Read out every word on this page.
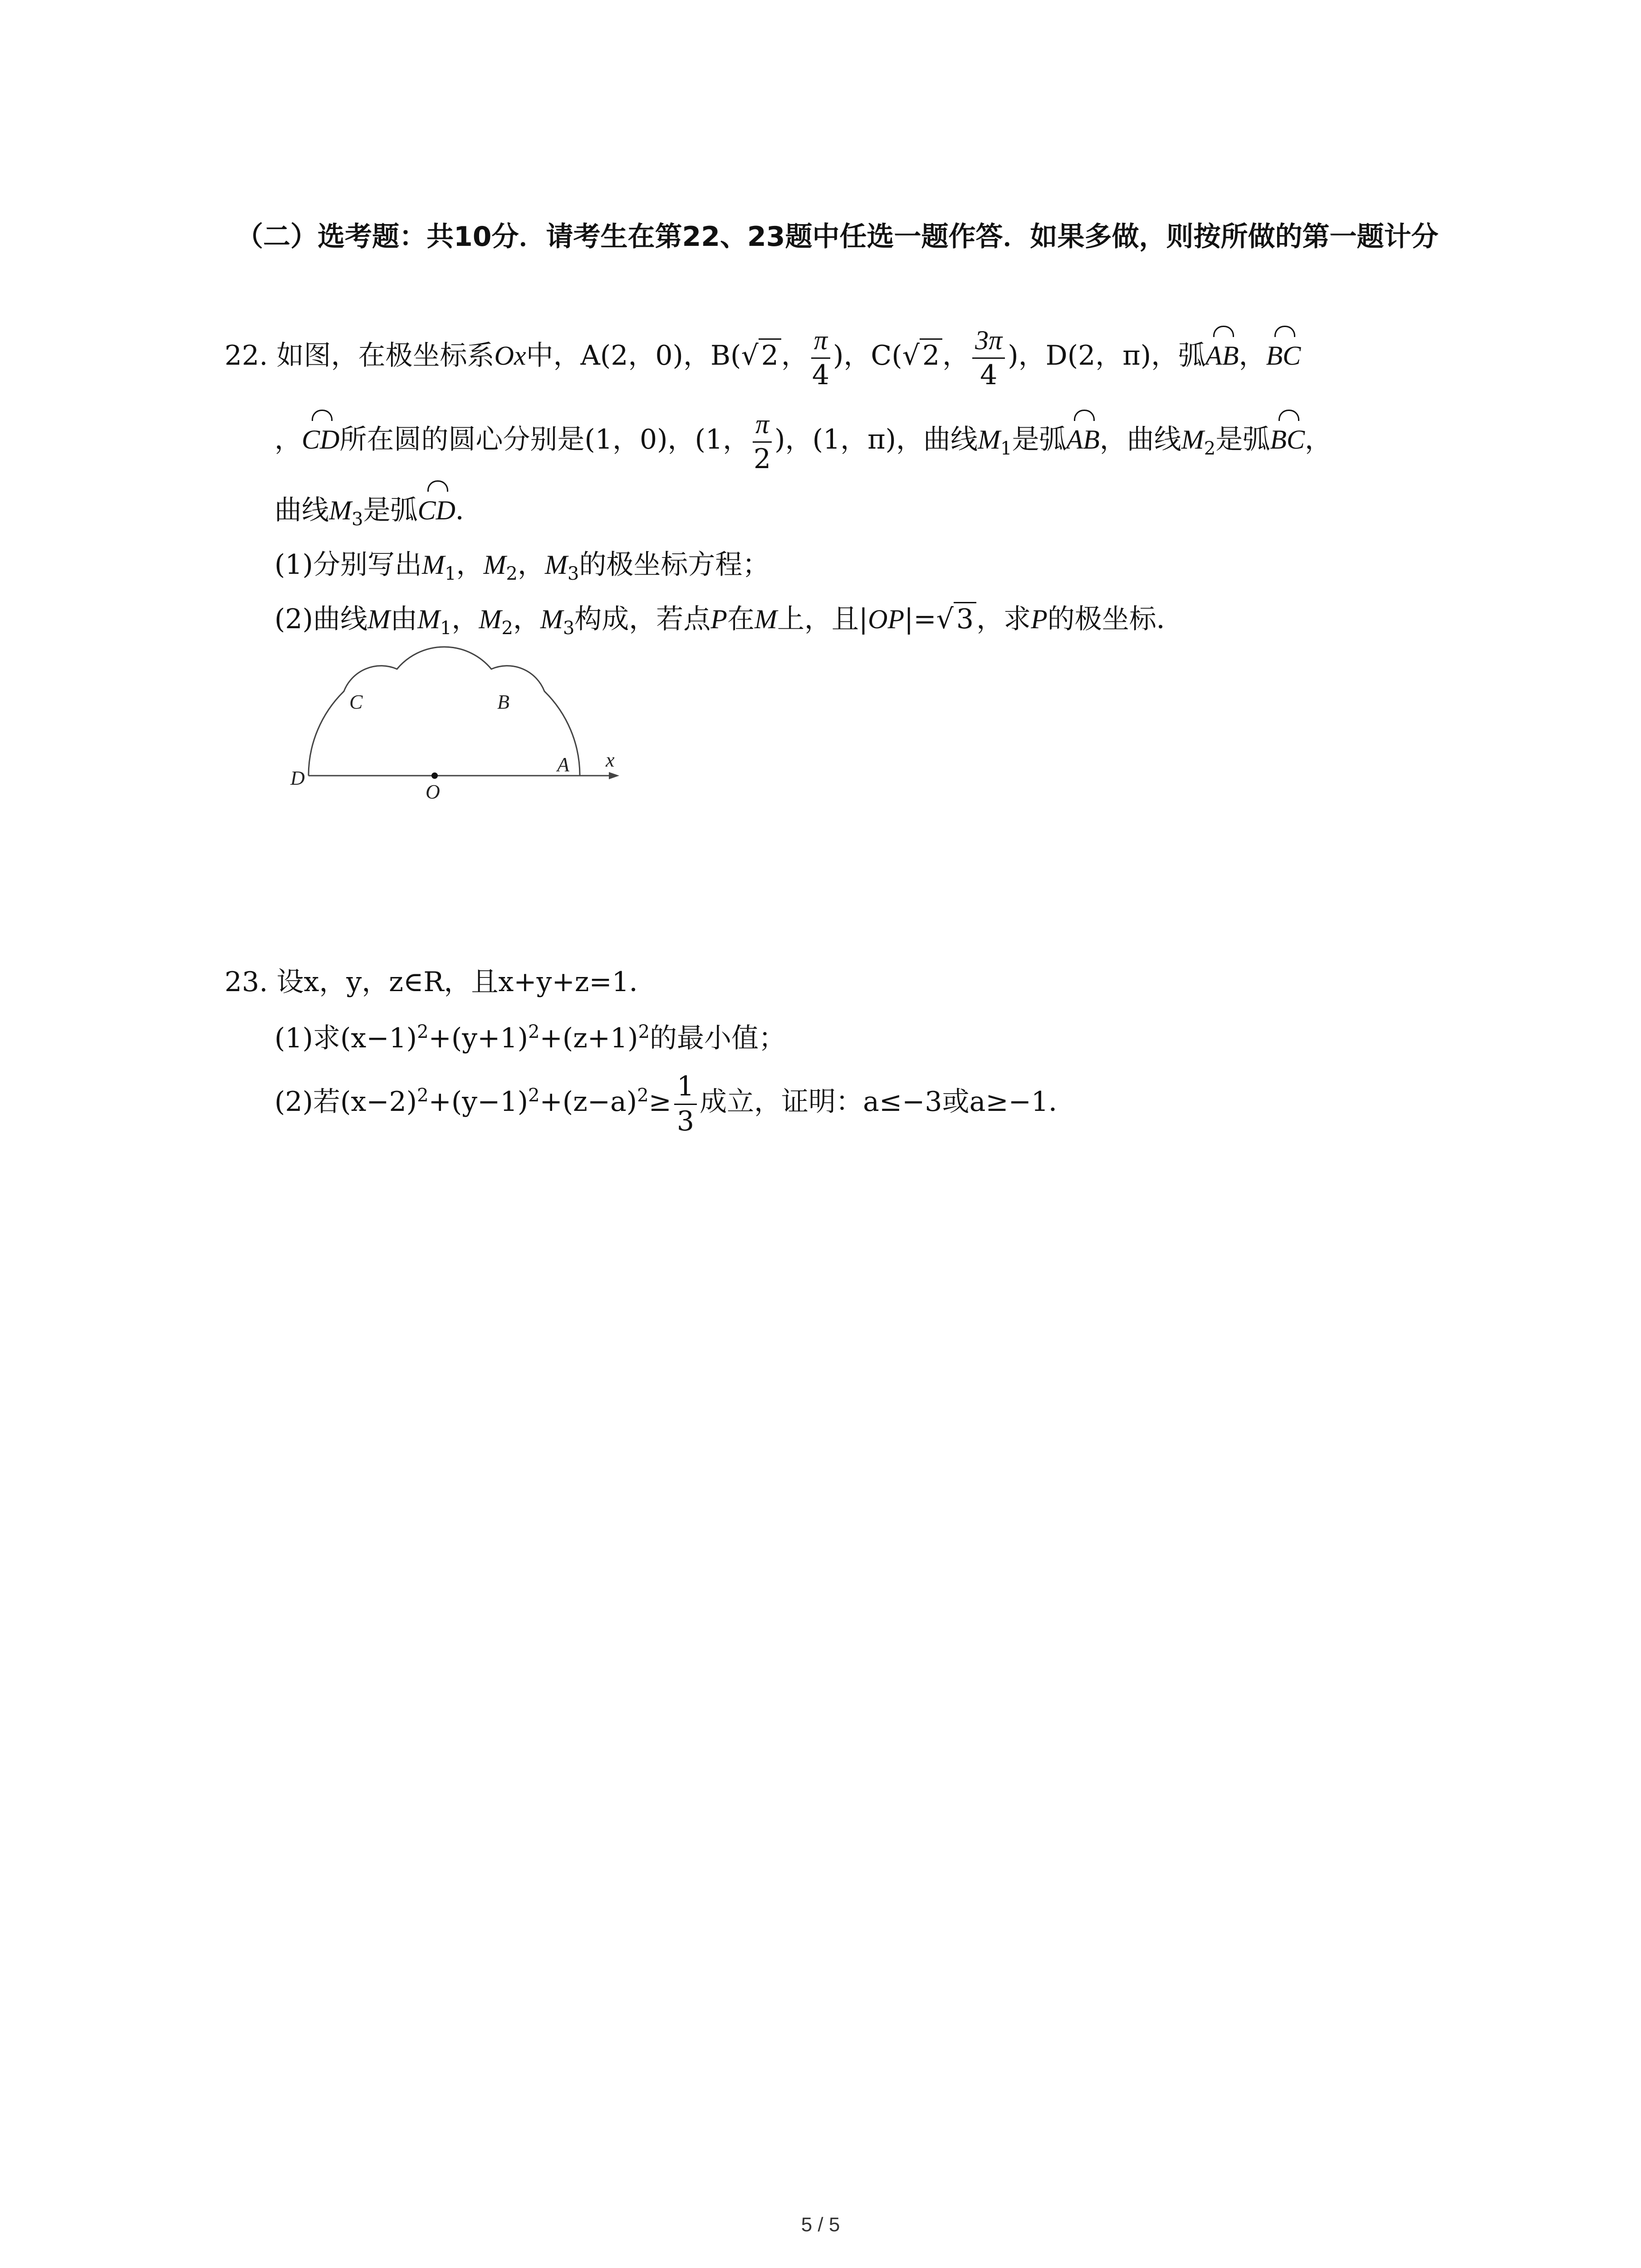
（二）选考题：共10分．请考生在第22、23题中任选一题作答．如果多做，则按所做的第一题计分
22. 如图，在极坐标系Ox中，A(2，0)，B(√ 2 ， $\frac{\pi}{4}$ )，C(√ 2 ， $\frac{3\pi}{4}$ )，D(2，π)，弧AB，BC
，CD所在圆的圆心分别是(1，0)，(1， $\frac{\pi}{2}$ )，(1，π)，曲线$M_1$是弧AB，曲线$M_2$是弧BC，
曲线$M_3$是弧CD．
(1)分别写出$M_1$，$M_2$，$M_3$的极坐标方程；
(2)曲线M由$M_1$，$M_2$，$M_3$构成，若点P在M上，且|OP|=√ 3 ，求P的极坐标．
C	B
D
A
O
x
23. 设x，y，z∈R，且x+y+z=1．
(1)求$(x-1)^2+(y+1)^2+(z+1)^2$的最小值；
(2)若$(x-2)^2+(y-1)^2+(z-a)^2\ge \frac{1}{3}$ 成立，证明：a≤−3或a≥−1．
5 / 5
